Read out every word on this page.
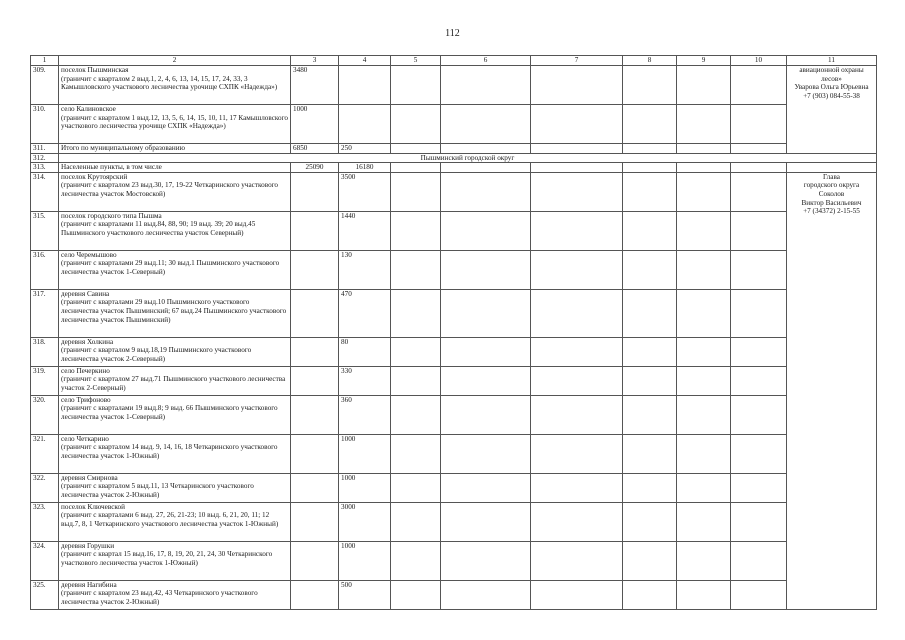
112
1	2	3	4	5	6	7	8	9	10	11
309.	поселок Пышминская
(граничит с кварталом 2 выд.1, 2, 4, 6, 13, 14, 15, 17, 24, 33, 3 Камышловского участкового лесничества урочище СХПК «Надежда»)	3480								авиационной охраны лесов»
Уварова Ольга Юрьевна
+7 (903) 084-55-38

310.	село Калиновское
(граничит с кварталом 1 выд.12, 13, 5, 6, 14, 15, 10, 11, 17 Камышловского участкового лесничества урочище СХПК «Надежда»)	1000								
311.	Итого по муниципальному образованию	6850	250							
312.	Пышминский городской округ									
313.	Населенные пункты, в том числе	25090	16180							
314.	поселок Крутоярский
(граничит с кварталом 23 выд.30, 17, 19-22 Четкаринского участкового лесничества участок Мостовской)		3500							Глава
городского округа
Соколов
Виктор Васильевич
+7 (34372) 2-15-55

315.	поселок городского типа Пышма
(граничит с кварталами 11 выд.84, 88, 90; 19 выд. 39; 20 выд.45 Пышминского участкового лесничества участок Северный)		1440							
316.	село Черемышово
(граничит с кварталами 29 выд.11; 30 выд.1 Пышминского участкового лесничества участок 1-Северный)		130							
317.	деревня Савина
(граничит с кварталами 29 выд.10 Пышминского участкового лесничества участок Пышминский; 67 выд.24 Пышминского участкового лесничества участок Пышминский)		470							
318.	деревня Холкина
(граничит с кварталом 9 выд.18,19 Пышминского участкового лесничества участок 2-Северный)		80							
319.	село Печеркино
(граничит с кварталом 27 выд.71 Пышминского участкового лесничества участок 2-Северный)		330							
320.	село Трифоново
(граничит с кварталами 19 выд.8; 9 выд. 66 Пышминского участкового лесничества участок 1-Северный)		360							
321.	село Четкарино
(граничит с кварталом 14 выд. 9, 14, 16, 18 Четкаринского участкового лесничества участок 1-Южный)		1000							
322.	деревня Смирнова
(граничит с кварталом 5 выд.11, 13 Четкаринского участкового лесничества участок 2-Южный)		1000							
323.	поселок Ключевской
(граничит с кварталами 6 выд. 27, 26, 21-23; 10 выд. 6, 21, 20, 11; 12 выд.7, 8, 1 Четкаринского участкового лесничества участок 1-Южный)		3000							
324.	деревня Горушки
(граничит с квартал 15 выд.16, 17, 8, 19, 20, 21, 24, 30 Четкаринского участкового лесничества участок 1-Южный)		1000							
325.	деревня Нагибина
(граничит с кварталом 23 выд.42, 43 Четкаринского участкового лесничества участок 2-Южный)		500							
